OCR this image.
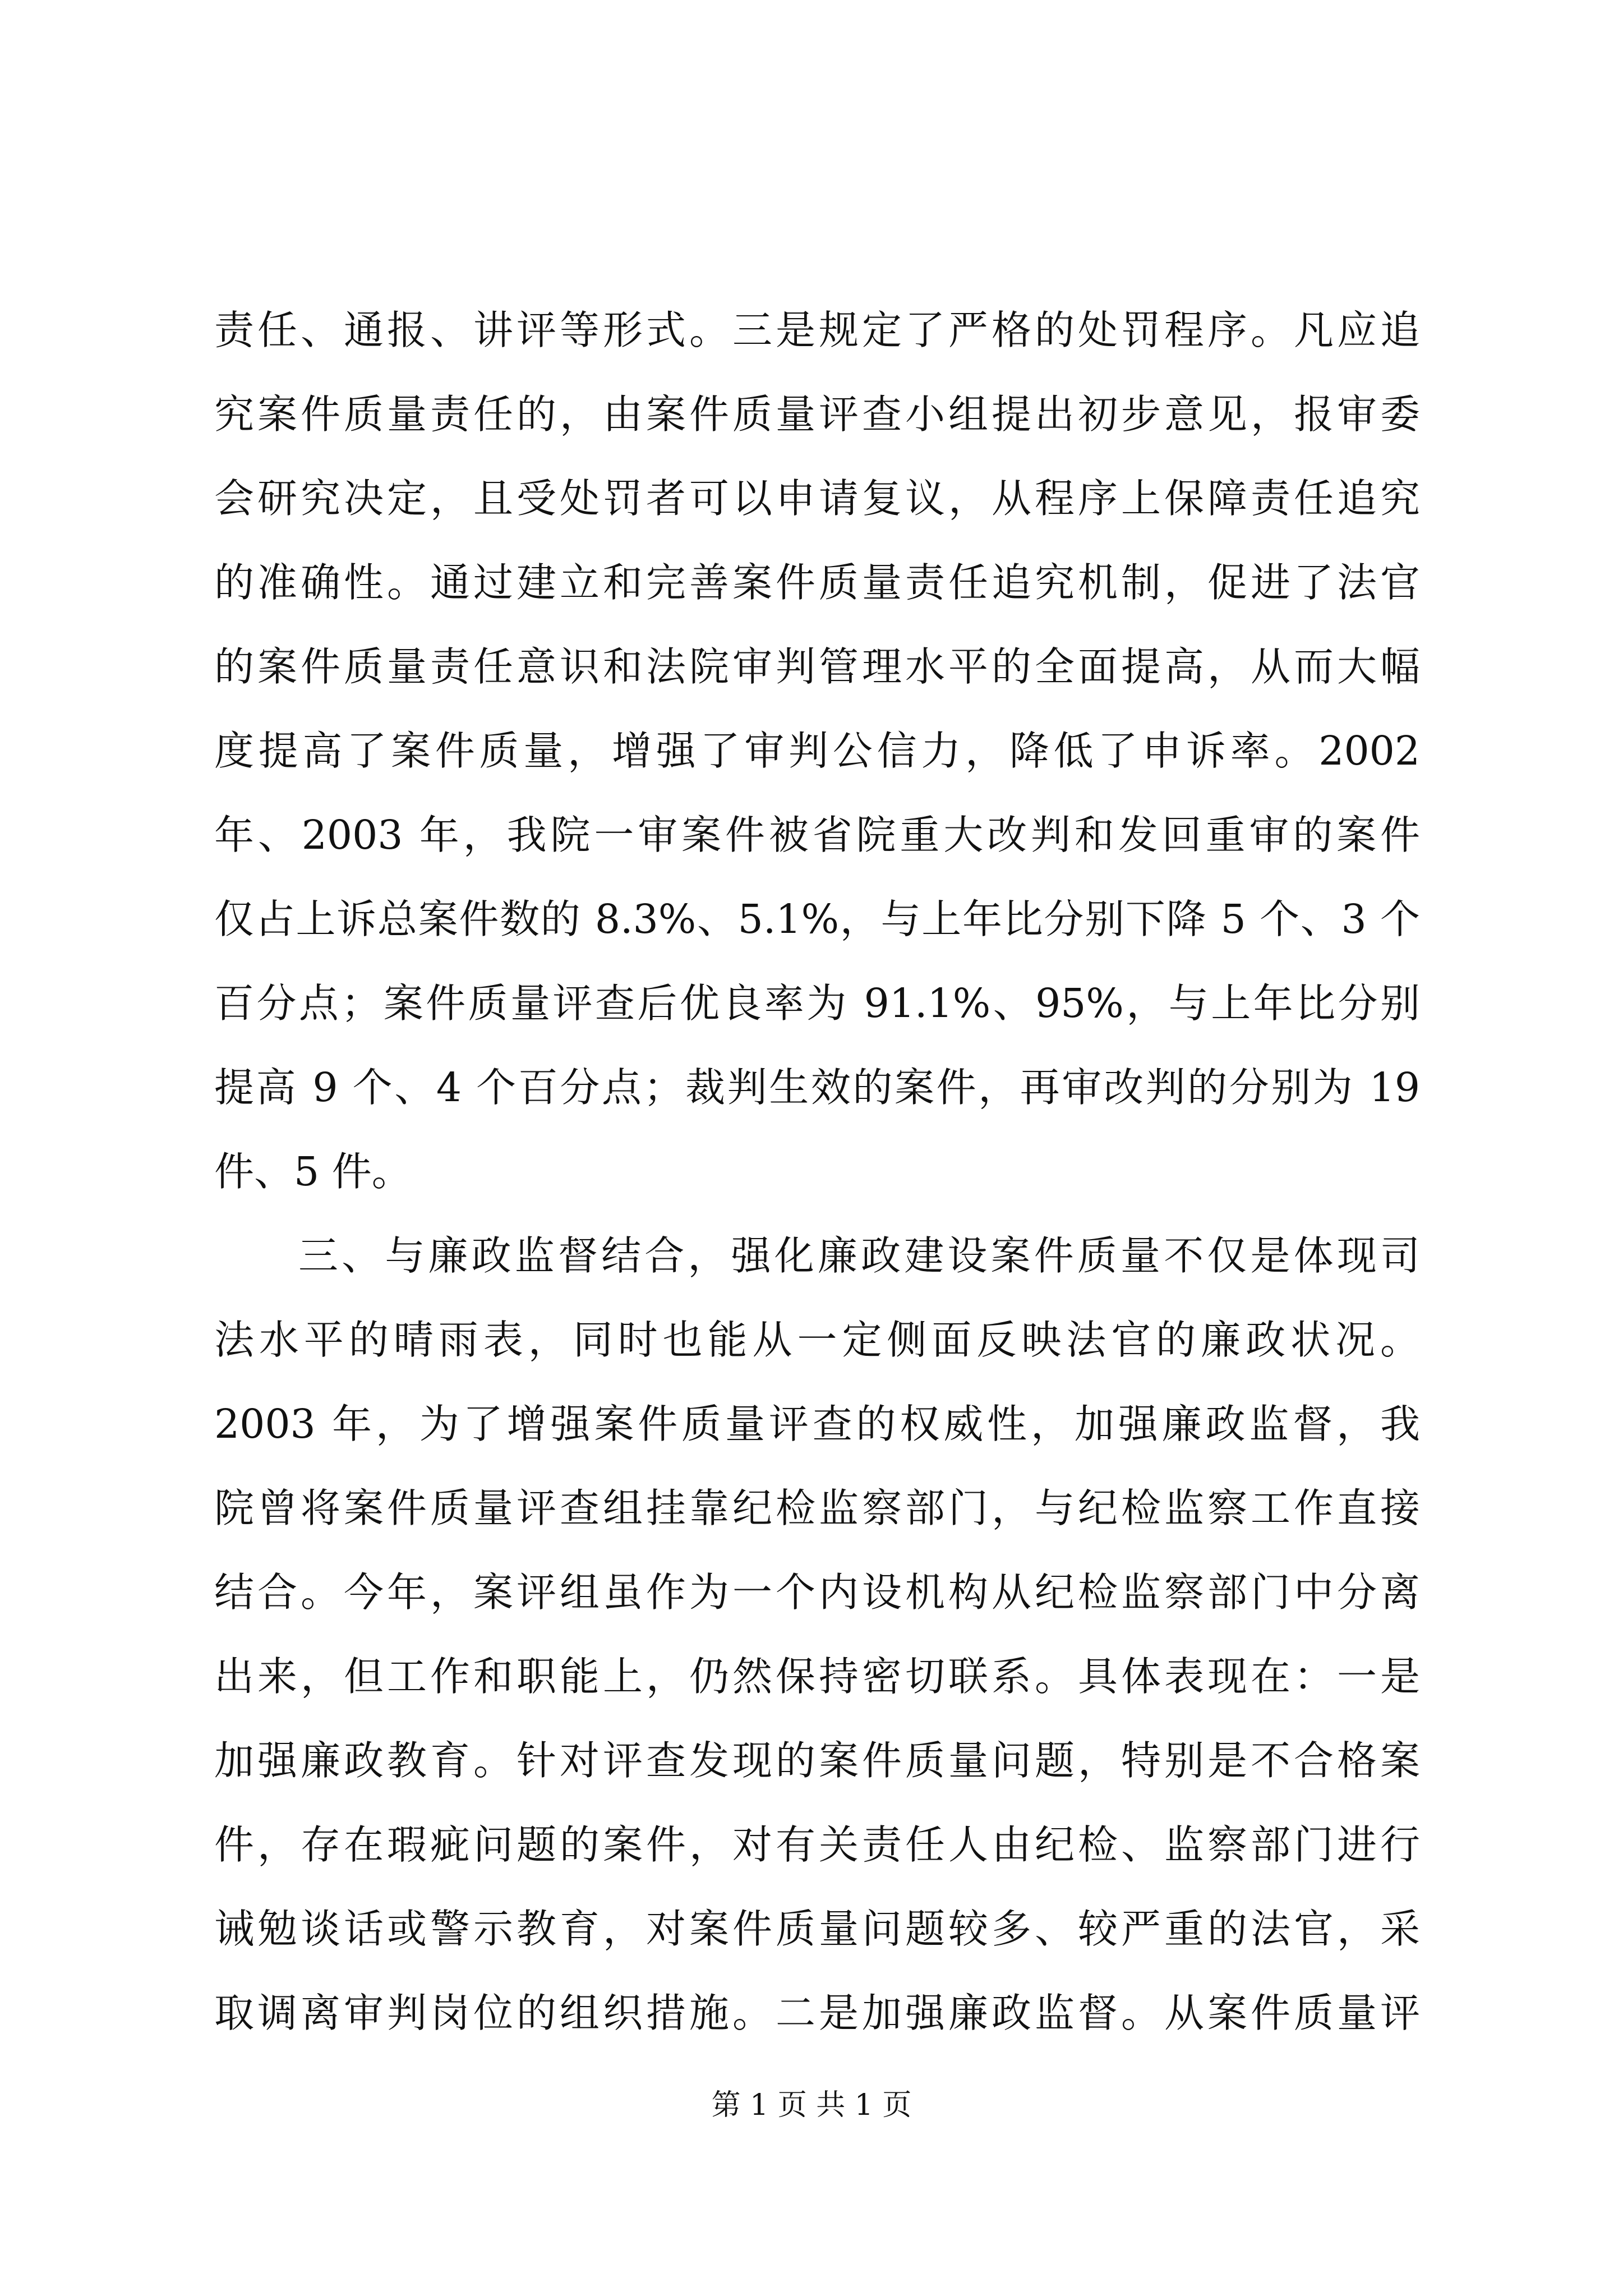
责任、通报、讲评等形式。三是规定了严格的处罚程序。凡应追
究案件质量责任的，由案件质量评查小组提出初步意见，报审委
会研究决定，且受处罚者可以申请复议，从程序上保障责任追究
的准确性。通过建立和完善案件质量责任追究机制，促进了法官
的案件质量责任意识和法院审判管理水平的全面提高，从而大幅
度提高了案件质量，增强了审判公信力，降低了申诉率。2002
年、2003 年，我院一审案件被省院重大改判和发回重审的案件
仅占上诉总案件数的 8.3%、5.1%，与上年比分别下降 5 个、3 个
百分点；案件质量评查后优良率为 91.1%、95%，与上年比分别
提高 9 个、4 个百分点；裁判生效的案件，再审改判的分别为 19
件、5 件。
三、与廉政监督结合，强化廉政建设案件质量不仅是体现司
法水平的晴雨表，同时也能从一定侧面反映法官的廉政状况。
2003 年，为了增强案件质量评查的权威性，加强廉政监督，我
院曾将案件质量评查组挂靠纪检监察部门，与纪检监察工作直接
结合。今年，案评组虽作为一个内设机构从纪检监察部门中分离
出来，但工作和职能上，仍然保持密切联系。具体表现在：一是
加强廉政教育。针对评查发现的案件质量问题，特别是不合格案
件，存在瑕疵问题的案件，对有关责任人由纪检、监察部门进行
诫勉谈话或警示教育，对案件质量问题较多、较严重的法官，采
取调离审判岗位的组织措施。二是加强廉政监督。从案件质量评
第 1 页 共 1 页
